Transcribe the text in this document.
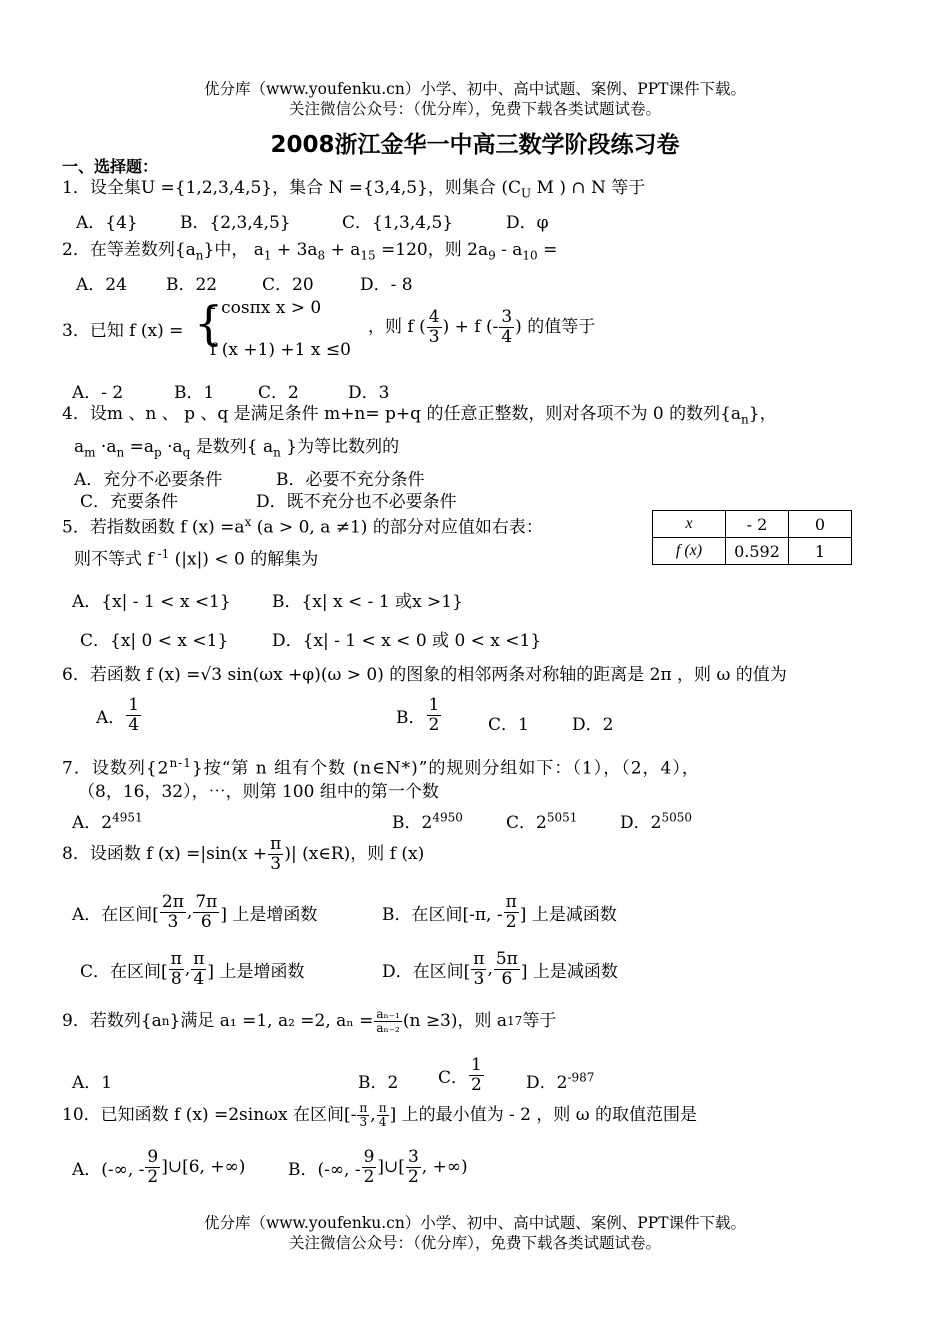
优分库（www.youfenku.cn）小学、初中、高中试题、案例、PPT课件下载。
关注微信公众号：（优分库），免费下载各类试题试卷。
2008浙江金华一中高三数学阶段练习卷
一、选择题：
1．设全集U ={1,2,3,4,5}，集合 N ={3,4,5}，则集合 ($C_U$ M ) ∩ N 等于
A．{4} B．{2,3,4,5}	C．{1,3,4,5}	D．φ
2．在等差数列$\{a_n\}$中， $a_1 + 3a_8 + a_{15} =120$，则 $2a_9 - a_{10}$ =
A．24 B．22	C．20	D．- 8
3．已知 f (x) = {
- cosπx x > 0
f (x +1) +1 x ≤0
，则 f ( $\frac{4}{3}$ ) + f (- $\frac{3}{4}$ ) 的值等于
A．- 2	B．1	C．2	D．3
4．设m 、n 、 p 、q 是满足条件 m+n= p+q 的任意正整数，则对各项不为 0 的数列$\{a_n\}$，
$a_m \cdot a_n =a_p \cdot a_q$ 是数列{ $a_n$ }为等比数列的
A．充分不必要条件	B．必要不充分条件
C．充要条件	D．既不充分也不必要条件
5．若指数函数 f $(x) =a^x$ (a > 0, a ≠1) 的部分对应值如右表：
则不等式 f $^{-1}$ (|x|) < 0 的解集为
x	- 2	0
f (x)	0.592	1
A．{x| - 1 < x <1} B．{x| x < - 1 或x >1}
C．{x| 0 < x <1}	D．{x| - 1 < x < 0 或 0 < x <1}
6．若函数 f (x) =√3 sin(ωx +φ)(ω > 0) 的图象的相邻两条对称轴的距离是 2π ，则 ω 的值为
A． $\frac{1}{4}$	B． $\frac{1}{2}$	C．1	D．2
7．设数列{2$^{n-1}$}按“第 n 组有个数 (n∈N*)”的规则分组如下：（1），（2，4），
（8，16，32），⋯，则第 100 组中的第一个数
A．$2^{4951}$	B．$2^{4950}$	C．$2^{5051}$	D．$2^{5050}$
8．设函数 f $(x) =|\sin(x + \frac{\pi}{3}$ )| (x∈R)，则 f (x)
A．在区间[ $\frac{2\pi}{3}$ , $\frac{7\pi}{6}$ ] 上是增函数	B．在区间[-π, - $\frac{\pi}{2}$ ] 上是减函数
C．在区间[ $\frac{\pi}{8}$ , $\frac{\pi}{4}$ ] 上是增函数	D．在区间[ $\frac{\pi}{3}$ , $\frac{5\pi}{6}$ ] 上是减函数
9．若数列{a n }满足 a₁ =1, a₂ =2, $a_n = \frac{\text{aₙ₋₁}}{\text{aₙ₋₂}} (n \ge 3)$，则 a 17 等于
A．1	B．2 C． $\frac{1}{2}$ D．$2^{-987}$
10．已知函数 f (x) =2sinωx 在区间[- $\frac{\pi}{3}$ , $\frac{\pi}{4}$ ] 上的最小值为 - 2 ，则 ω 的取值范围是
A．(-∞, - $\frac{9}{2}$ ]∪[6, +∞)	B．(-∞, - $\frac{9}{2}$ ]∪[ $\frac{3}{2}$ , +∞)
优分库（www.youfenku.cn）小学、初中、高中试题、案例、PPT课件下载。
关注微信公众号：（优分库），免费下载各类试题试卷。
